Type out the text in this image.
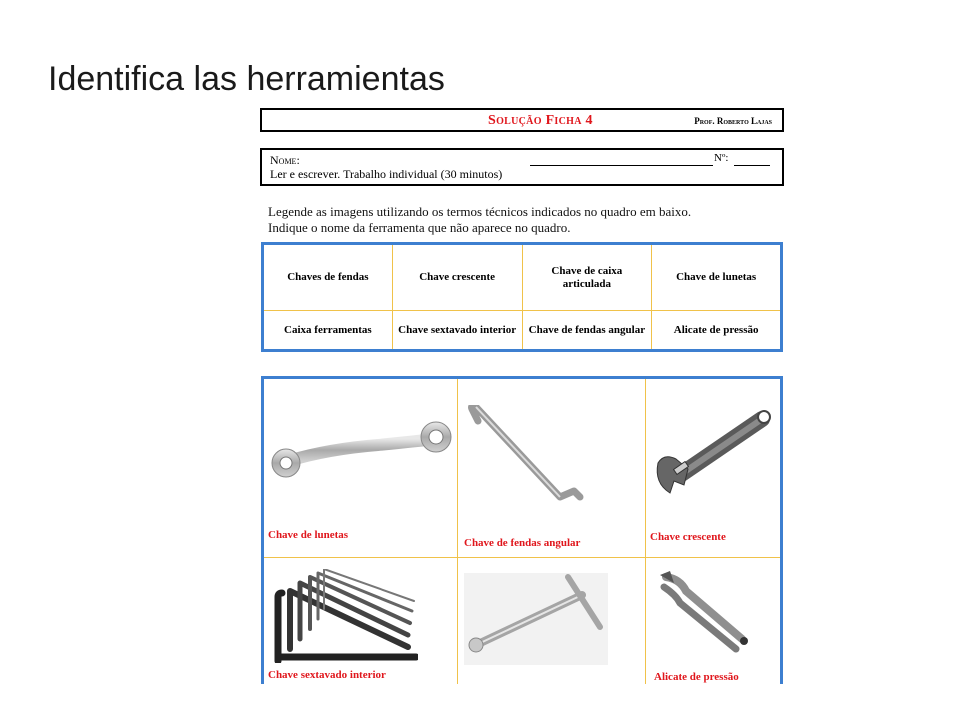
Identifica las herramientas
Solução Ficha 4	Prof. Roberto Lajas
Nome:	Nº:
Ler e escrever. Trabalho individual (30 minutos)
Legende as imagens utilizando os termos técnicos indicados no quadro em baixo.
Indique o nome da ferramenta que não aparece no quadro.
Chaves de fendas	Chave crescente	Chave de caixa articulada	Chave de lunetas
Caixa ferramentas	Chave sextavado interior	Chave de fendas angular	Alicate de pressão
Chave de lunetas
Chave de fendas angular	Chave crescente
Chave sextavado interior	Alicate de pressão
